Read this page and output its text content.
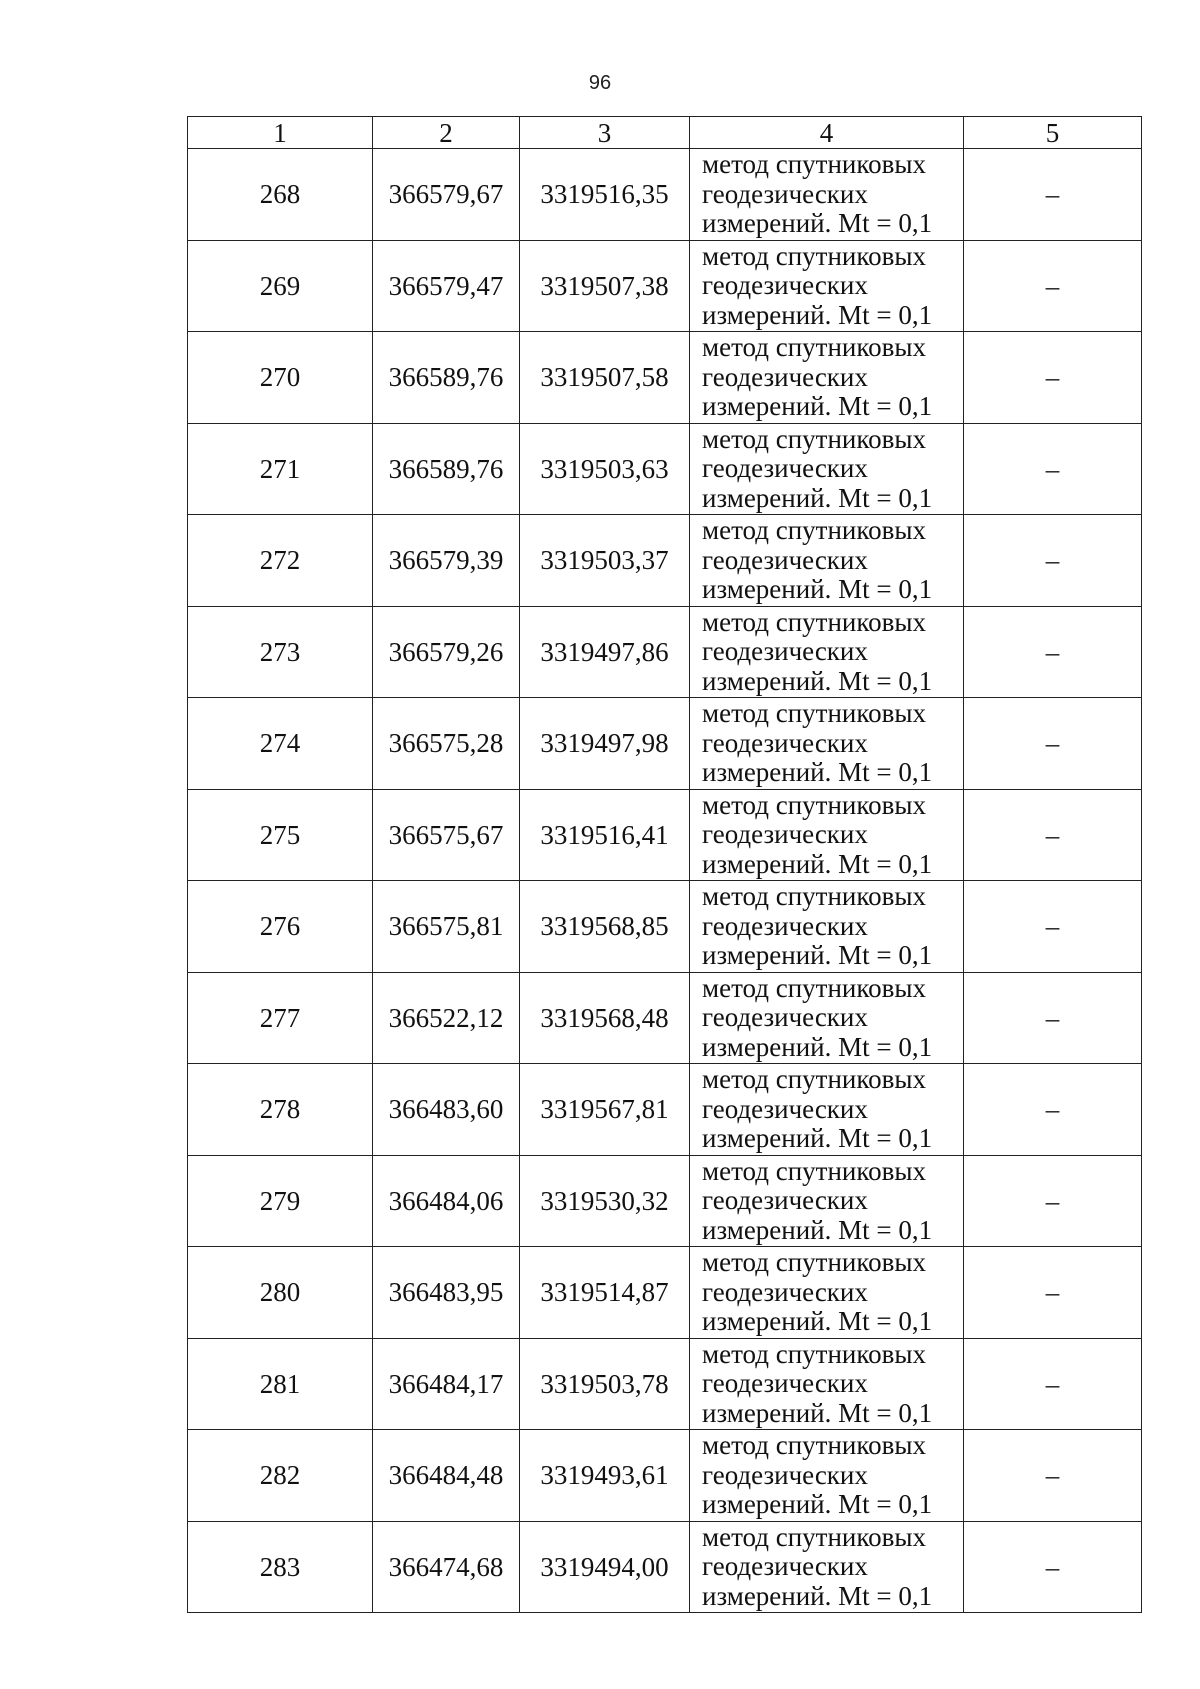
96
1	2	3	4	5
268	366579,67	3319516,35	метод спутниковых
геодезических
измерений. Mt = 0,1	–
269	366579,47	3319507,38	метод спутниковых
геодезических
измерений. Mt = 0,1	–
270	366589,76	3319507,58	метод спутниковых
геодезических
измерений. Mt = 0,1	–
271	366589,76	3319503,63	метод спутниковых
геодезических
измерений. Mt = 0,1	–
272	366579,39	3319503,37	метод спутниковых
геодезических
измерений. Mt = 0,1	–
273	366579,26	3319497,86	метод спутниковых
геодезических
измерений. Mt = 0,1	–
274	366575,28	3319497,98	метод спутниковых
геодезических
измерений. Mt = 0,1	–
275	366575,67	3319516,41	метод спутниковых
геодезических
измерений. Mt = 0,1	–
276	366575,81	3319568,85	метод спутниковых
геодезических
измерений. Mt = 0,1	–
277	366522,12	3319568,48	метод спутниковых
геодезических
измерений. Mt = 0,1	–
278	366483,60	3319567,81	метод спутниковых
геодезических
измерений. Mt = 0,1	–
279	366484,06	3319530,32	метод спутниковых
геодезических
измерений. Mt = 0,1	–
280	366483,95	3319514,87	метод спутниковых
геодезических
измерений. Mt = 0,1	–
281	366484,17	3319503,78	метод спутниковых
геодезических
измерений. Mt = 0,1	–
282	366484,48	3319493,61	метод спутниковых
геодезических
измерений. Mt = 0,1	–
283	366474,68	3319494,00	метод спутниковых
геодезических
измерений. Mt = 0,1	–
